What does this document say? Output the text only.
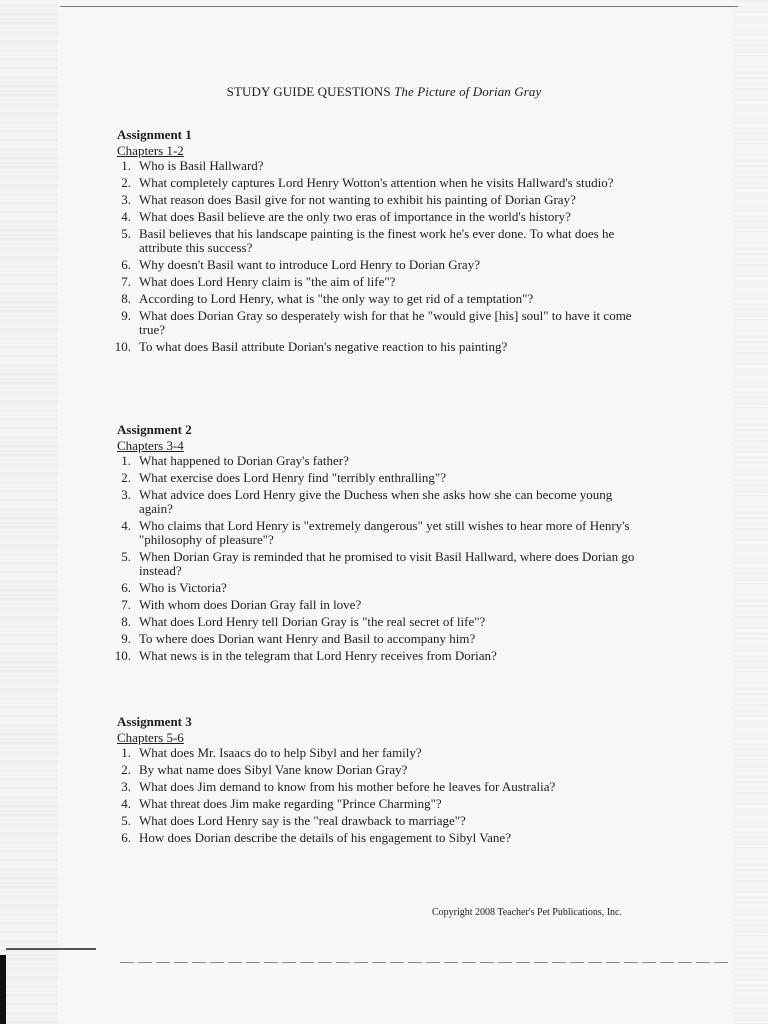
STUDY GUIDE QUESTIONS The Picture of Dorian Gray
Assignment 1
Chapters 1-2
1. Who is Basil Hallward?
2. What completely captures Lord Henry Wotton's attention when he visits Hallward's studio?
3. What reason does Basil give for not wanting to exhibit his painting of Dorian Gray?
4. What does Basil believe are the only two eras of importance in the world's history?
5. Basil believes that his landscape painting is the finest work he's ever done. To what does he attribute this success?
6. Why doesn't Basil want to introduce Lord Henry to Dorian Gray?
7. What does Lord Henry claim is "the aim of life"?
8. According to Lord Henry, what is "the only way to get rid of a temptation"?
9. What does Dorian Gray so desperately wish for that he "would give [his] soul" to have it come true?
10. To what does Basil attribute Dorian's negative reaction to his painting?
Assignment 2
Chapters 3-4
1. What happened to Dorian Gray's father?
2. What exercise does Lord Henry find "terribly enthralling"?
3. What advice does Lord Henry give the Duchess when she asks how she can become young again?
4. Who claims that Lord Henry is "extremely dangerous" yet still wishes to hear more of Henry's "philosophy of pleasure"?
5. When Dorian Gray is reminded that he promised to visit Basil Hallward, where does Dorian go instead?
6. Who is Victoria?
7. With whom does Dorian Gray fall in love?
8. What does Lord Henry tell Dorian Gray is "the real secret of life"?
9. To where does Dorian want Henry and Basil to accompany him?
10. What news is in the telegram that Lord Henry receives from Dorian?
Assignment 3
Chapters 5-6
1. What does Mr. Isaacs do to help Sibyl and her family?
2. By what name does Sibyl Vane know Dorian Gray?
3. What does Jim demand to know from his mother before he leaves for Australia?
4. What threat does Jim make regarding "Prince Charming"?
5. What does Lord Henry say is the "real drawback to marriage"?
6. How does Dorian describe the details of his engagement to Sibyl Vane?
Copyright 2008 Teacher's Pet Publications, Inc.
